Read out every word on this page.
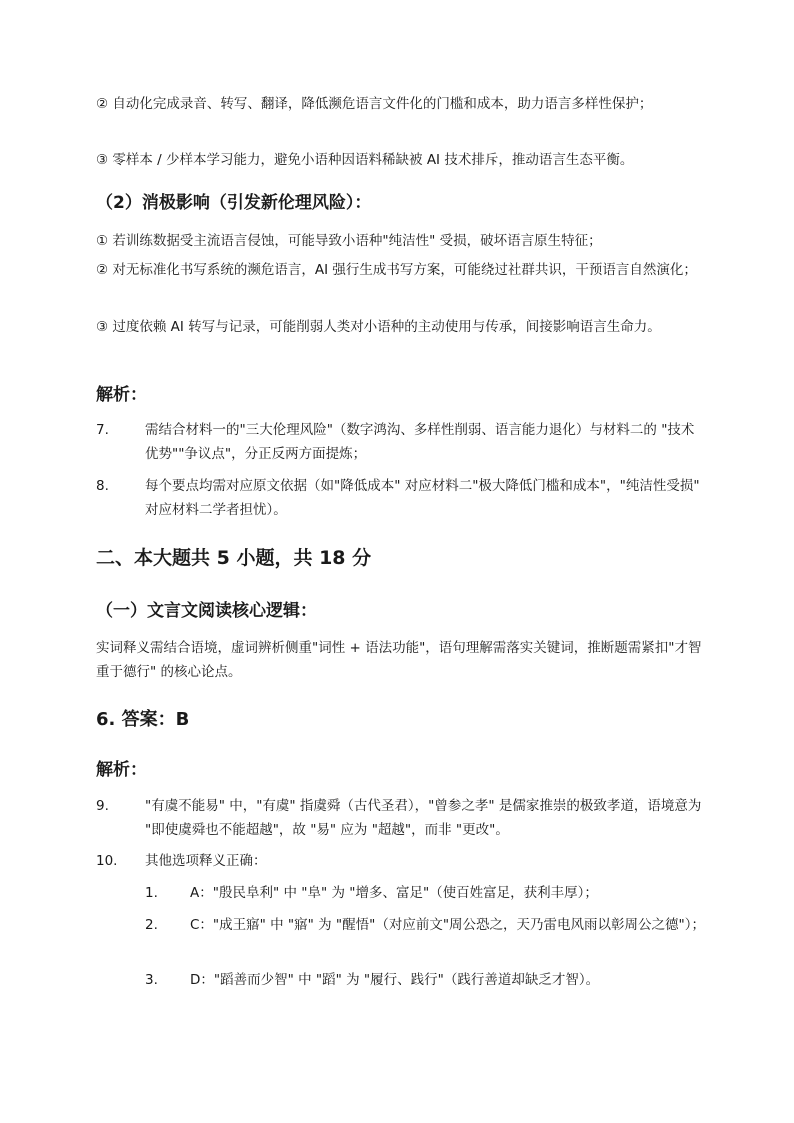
② 自动化完成录音、转写、翻译，降低濒危语言文件化的门槛和成本，助力语言多样性保护；

③ 零样本 / 少样本学习能力，避免小语种因语料稀缺被 AI 技术排斥，推动语言生态平衡。

（2）消极影响（引发新伦理风险）：

① 若训练数据受主流语言侵蚀，可能导致小语种"纯洁性" 受损，破坏语言原生特征；

② 对无标准化书写系统的濒危语言，AI 强行生成书写方案，可能绕过社群共识，干预语言自然演化；

③ 过度依赖 AI 转写与记录，可能削弱人类对小语种的主动使用与传承，间接影响语言生命力。

解析：
7.	需结合材料一的"三大伦理风险"（数字鸿沟、多样性削弱、语言能力退化）与材料二的 "技术优势""争议点"，分正反两方面提炼；
8.	每个要点均需对应原文依据（如"降低成本" 对应材料二"极大降低门槛和成本"，"纯洁性受损" 对应材料二学者担忧）。
二、本大题共 5 小题，共 18 分
（一）文言文阅读核心逻辑：

实词释义需结合语境，虚词辨析侧重"词性 + 语法功能"，语句理解需落实关键词，推断题需紧扣"才智重于德行" 的核心论点。

6. 答案：B
解析：
9.	"有虞不能易" 中，"有虞" 指虞舜（古代圣君），"曾参之孝" 是儒家推崇的极致孝道，语境意为 "即使虞舜也不能超越"，故 "易" 应为 "超越"，而非 "更改"。
10. 其他选项释义正确：
1. A："殷民阜利" 中 "阜" 为 "增多、富足"（使百姓富足，获利丰厚）；
2. C："成王寤" 中 "寤" 为 "醒悟"（对应前文"周公恐之，天乃雷电风雨以彰周公之德"）；
3. D："蹈善而少智" 中 "蹈" 为 "履行、践行"（践行善道却缺乏才智）。
